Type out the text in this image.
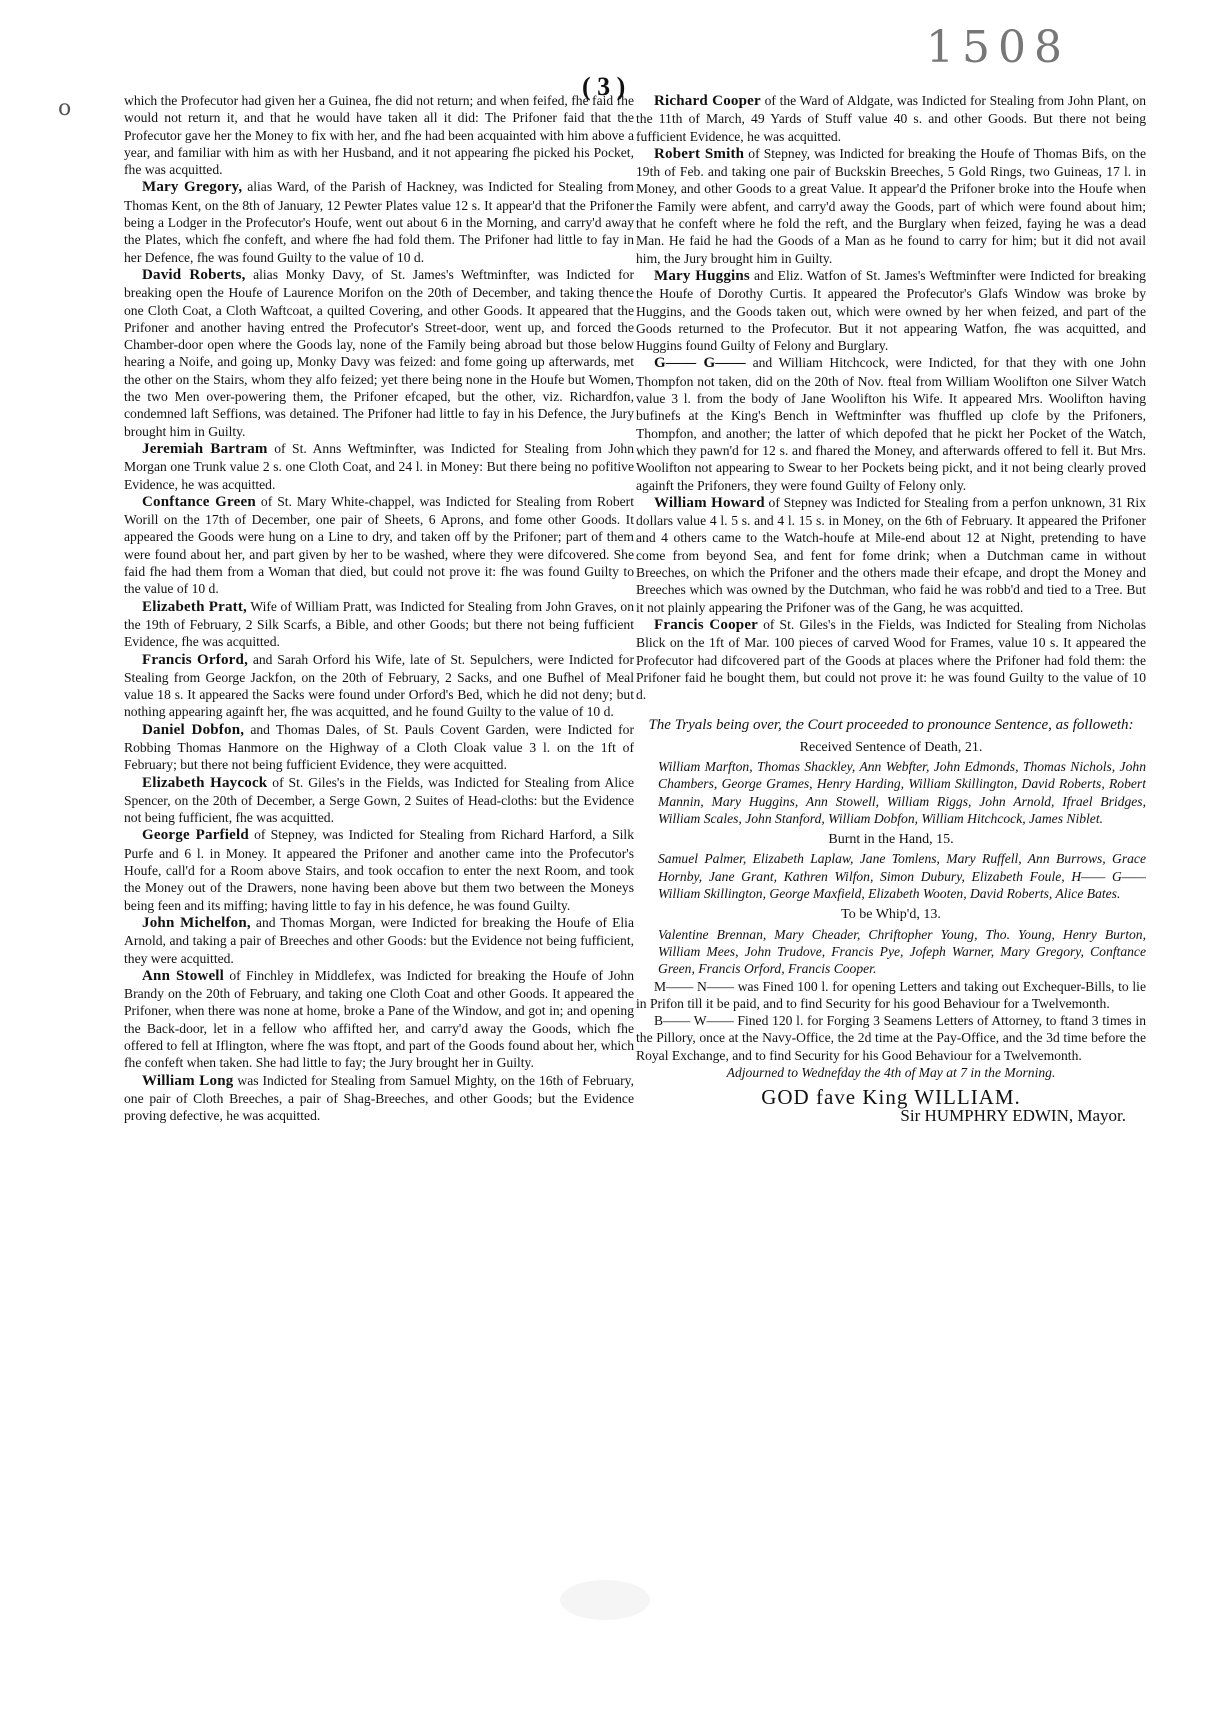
1508
o
( 3 )

which the Profecutor had given her a Guinea, fhe did not return; and when feifed, fhe faid fhe would not return it, and that he would have taken all it did: The Prifoner faid that the Profecutor gave her the Money to fix with her, and fhe had been acquainted with him above a year, and familiar with him as with her Husband, and it not appearing fhe picked his Pocket, fhe was acquitted.

Mary Gregory, alias Ward, of the Parish of Hackney, was Indicted for Stealing from Thomas Kent, on the 8th of January, 12 Pewter Plates value 12 s. It appear'd that the Prifoner being a Lodger in the Profecutor's Houfe, went out about 6 in the Morning, and carry'd away the Plates, which fhe confeft, and where fhe had fold them. The Prifoner had little to fay in her Defence, fhe was found Guilty to the value of 10 d.

David Roberts, alias Monky Davy, of St. James's Weftminfter, was Indicted for breaking open the Houfe of Laurence Morifon on the 20th of December, and taking thence one Cloth Coat, a Cloth Waftcoat, a quilted Covering, and other Goods. It appeared that the Prifoner and another having entred the Profecutor's Street-door, went up, and forced the Chamber-door open where the Goods lay, none of the Family being abroad but those below hearing a Noife, and going up, Monky Davy was feized: and fome going up afterwards, met the other on the Stairs, whom they alfo feized; yet there being none in the Houfe but Women, the two Men over-powering them, the Prifoner efcaped, but the other, viz. Richardfon, condemned laft Seffions, was detained. The Prifoner had little to fay in his Defence, the Jury brought him in Guilty.

Jeremiah Bartram of St. Anns Weftminfter, was Indicted for Stealing from John Morgan one Trunk value 2 s. one Cloth Coat, and 24 l. in Money: But there being no pofitive Evidence, he was acquitted.

Conftance Green of St. Mary White-chappel, was Indicted for Stealing from Robert Worill on the 17th of December, one pair of Sheets, 6 Aprons, and fome other Goods. It appeared the Goods were hung on a Line to dry, and taken off by the Prifoner; part of them were found about her, and part given by her to be washed, where they were difcovered. She faid fhe had them from a Woman that died, but could not prove it: fhe was found Guilty to the value of 10 d.

Elizabeth Pratt, Wife of William Pratt, was Indicted for Stealing from John Graves, on the 19th of February, 2 Silk Scarfs, a Bible, and other Goods; but there not being fufficient Evidence, fhe was acquitted.

Francis Orford, and Sarah Orford his Wife, late of St. Sepulchers, were Indicted for Stealing from George Jackfon, on the 20th of February, 2 Sacks, and one Bufhel of Meal value 18 s. It appeared the Sacks were found under Orford's Bed, which he did not deny; but nothing appearing againft her, fhe was acquitted, and he found Guilty to the value of 10 d.

Daniel Dobfon, and Thomas Dales, of St. Pauls Covent Garden, were Indicted for Robbing Thomas Hanmore on the Highway of a Cloth Cloak value 3 l. on the 1ft of February; but there not being fufficient Evidence, they were acquitted.

Elizabeth Haycock of St. Giles's in the Fields, was Indicted for Stealing from Alice Spencer, on the 20th of December, a Serge Gown, 2 Suites of Head-cloths: but the Evidence not being fufficient, fhe was acquitted.

George Parfield of Stepney, was Indicted for Stealing from Richard Harford, a Silk Purfe and 6 l. in Money. It appeared the Prifoner and another came into the Profecutor's Houfe, call'd for a Room above Stairs, and took occafion to enter the next Room, and took the Money out of the Drawers, none having been above but them two between the Moneys being feen and its miffing; having little to fay in his defence, he was found Guilty.

John Michelfon, and Thomas Morgan, were Indicted for breaking the Houfe of Elia Arnold, and taking a pair of Breeches and other Goods: but the Evidence not being fufficient, they were acquitted.

Ann Stowell of Finchley in Middlefex, was Indicted for breaking the Houfe of John Brandy on the 20th of February, and taking one Cloth Coat and other Goods. It appeared the Prifoner, when there was none at home, broke a Pane of the Window, and got in; and opening the Back-door, let in a fellow who affifted her, and carry'd away the Goods, which fhe offered to fell at Iflington, where fhe was ftopt, and part of the Goods found about her, which fhe confeft when taken. She had little to fay; the Jury brought her in Guilty.

William Long was Indicted for Stealing from Samuel Mighty, on the 16th of February, one pair of Cloth Breeches, a pair of Shag-Breeches, and other Goods; but the Evidence proving defective, he was acquitted.

Richard Cooper of the Ward of Aldgate, was Indicted for Stealing from John Plant, on the 11th of March, 49 Yards of Stuff value 40 s. and other Goods. But there not being fufficient Evidence, he was acquitted.

Robert Smith of Stepney, was Indicted for breaking the Houfe of Thomas Bifs, on the 19th of Feb. and taking one pair of Buckskin Breeches, 5 Gold Rings, two Guineas, 17 l. in Money, and other Goods to a great Value. It appear'd the Prifoner broke into the Houfe when the Family were abfent, and carry'd away the Goods, part of which were found about him; that he confeft where he fold the reft, and the Burglary when feized, faying he was a dead Man. He faid he had the Goods of a Man as he found to carry for him; but it did not avail him, the Jury brought him in Guilty.

Mary Huggins and Eliz. Watfon of St. James's Weftminfter were Indicted for breaking the Houfe of Dorothy Curtis. It appeared the Profecutor's Glafs Window was broke by Huggins, and the Goods taken out, which were owned by her when feized, and part of the Goods returned to the Profecutor. But it not appearing Watfon, fhe was acquitted, and Huggins found Guilty of Felony and Burglary.

G—— G—— and William Hitchcock, were Indicted, for that they with one John Thompfon not taken, did on the 20th of Nov. fteal from William Woolifton one Silver Watch value 3 l. from the body of Jane Woolifton his Wife. It appeared Mrs. Woolifton having bufinefs at the King's Bench in Weftminfter was fhuffled up clofe by the Prifoners, Thompfon, and another; the latter of which depofed that he pickt her Pocket of the Watch, which they pawn'd for 12 s. and fhared the Money, and afterwards offered to fell it. But Mrs. Woolifton not appearing to Swear to her Pockets being pickt, and it not being clearly proved againft the Prifoners, they were found Guilty of Felony only.

William Howard of Stepney was Indicted for Stealing from a perfon unknown, 31 Rix dollars value 4 l. 5 s. and 4 l. 15 s. in Money, on the 6th of February. It appeared the Prifoner and 4 others came to the Watch-houfe at Mile-end about 12 at Night, pretending to have come from beyond Sea, and fent for fome drink; when a Dutchman came in without Breeches, on which the Prifoner and the others made their efcape, and dropt the Money and Breeches which was owned by the Dutchman, who faid he was robb'd and tied to a Tree. But it not plainly appearing the Prifoner was of the Gang, he was acquitted.

Francis Cooper of St. Giles's in the Fields, was Indicted for Stealing from Nicholas Blick on the 1ft of Mar. 100 pieces of carved Wood for Frames, value 10 s. It appeared the Profecutor had difcovered part of the Goods at places where the Prifoner had fold them: the Prifoner faid he bought them, but could not prove it: he was found Guilty to the value of 10 d.

The Tryals being over, the Court proceeded to pronounce Sentence, as followeth:

Received Sentence of Death, 21.

William Marfton, Thomas Shackley, Ann Webfter, John Edmonds, Thomas Nichols, John Chambers, George Grames, Henry Harding, William Skillington, David Roberts, Robert Mannin, Mary Huggins, Ann Stowell, William Riggs, John Arnold, Ifrael Bridges, William Scales, John Stanford, William Dobfon, William Hitchcock, James Niblet.

Burnt in the Hand, 15.

Samuel Palmer, Elizabeth Laplaw, Jane Tomlens, Mary Ruffell, Ann Burrows, Grace Hornby, Jane Grant, Kathren Wilfon, Simon Dubury, Elizabeth Foule, H—— G—— William Skillington, George Maxfield, Elizabeth Wooten, David Roberts, Alice Bates.

To be Whip'd, 13.

Valentine Brennan, Mary Cheader, Chriftopher Young, Tho. Young, Henry Burton, William Mees, John Trudove, Francis Pye, Jofeph Warner, Mary Gregory, Conftance Green, Francis Orford, Francis Cooper.

M—— N—— was Fined 100 l. for opening Letters and taking out Exchequer-Bills, to lie in Prifon till it be paid, and to find Security for his good Behaviour for a Twelvemonth.

B—— W—— Fined 120 l. for Forging 3 Seamens Letters of Attorney, to ftand 3 times in the Pillory, once at the Navy-Office, the 2d time at the Pay-Office, and the 3d time before the Royal Exchange, and to find Security for his Good Behaviour for a Twelvemonth.

Adjourned to Wednefday the 4th of May at 7 in the Morning.

GOD fave King WILLIAM.

Sir HUMPHRY EDWIN, Mayor.
